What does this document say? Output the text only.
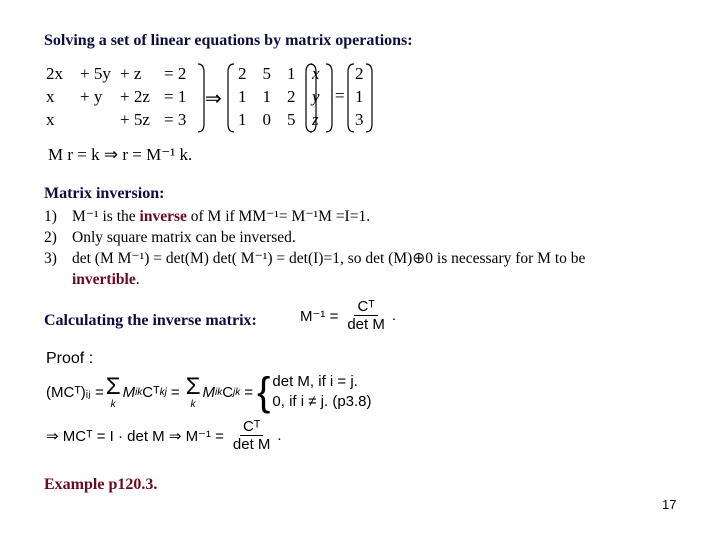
Solving a set of linear equations by matrix operations:
2x	+ 5y	+ z	= 2
x	+ y	+ 2z	= 1
x		+ 5z	= 3
⇒
2	5	1
1	1	2
1	0	5
x
y
z
=
2
1
3
M r = k ⇒ r = M⁻¹ k.
Matrix inversion:
1) M⁻¹ is the inverse of M if MM⁻¹= M⁻¹M =I=1.
2) Only square matrix can be inversed.
3) det (M M⁻¹) = det(M) det( M⁻¹) = det(I)=1, so det (M)⊕0 is necessary for M to be
invertible.
Calculating the inverse matrix:	$M^{-1} = \frac{\text{Cᵀ}}{\text{det M}}$ .
Proof :
(MCᵀ)ᵢⱼ = Σ
k
M ik Cᵀ kj = Σ
k
M ik C jk = { det M, if i = j.
0, if i ≠ j. (p3.8)
⇒ MCᵀ = I · det M ⇒ $M^{-1} = \frac{\text{Cᵀ}}{\text{det M}}$ .
Example p120.3.
17
